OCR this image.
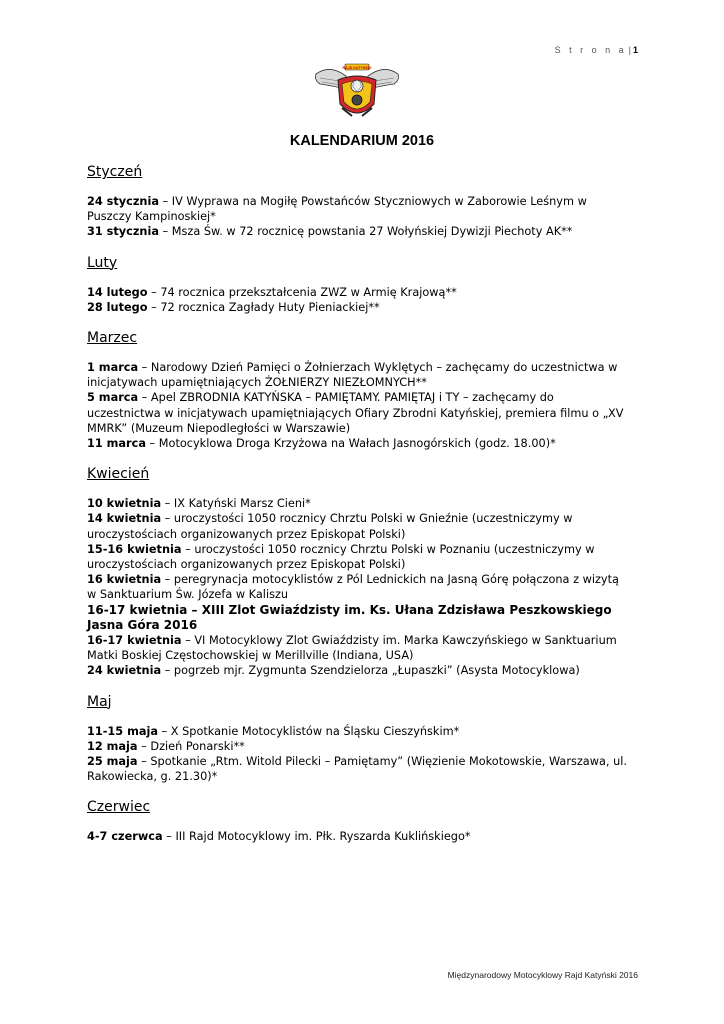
S t r o n a | 1
RAJD KATYŃSKI
KALENDARIUM 2016
Styczeń
24 stycznia – IV Wyprawa na Mogiłę Powstańców Styczniowych w Zaborowie Leśnym w Puszczy Kampinoskiej*
31 stycznia – Msza Św. w 72 rocznicę powstania 27 Wołyńskiej Dywizji Piechoty AK**
Luty
14 lutego – 74 rocznica przekształcenia ZWZ w Armię Krajową**
28 lutego – 72 rocznica Zagłady Huty Pieniackiej**
Marzec
1 marca – Narodowy Dzień Pamięci o Żołnierzach Wyklętych – zachęcamy do uczestnictwa w inicjatywach upamiętniających ŻOŁNIERZY NIEZŁOMNYCH**
5 marca – Apel ZBRODNIA KATYŃSKA – PAMIĘTAMY. PAMIĘTAJ i TY – zachęcamy do uczestnictwa w inicjatywach upamiętniających Ofiary Zbrodni Katyńskiej, premiera filmu o „XV MMRK” (Muzeum Niepodległości w Warszawie)
11 marca – Motocyklowa Droga Krzyżowa na Wałach Jasnogórskich (godz. 18.00)*
Kwiecień
10 kwietnia – IX Katyński Marsz Cieni*
14 kwietnia – uroczystości 1050 rocznicy Chrztu Polski w Gnieźnie (uczestniczymy w uroczystościach organizowanych przez Episkopat Polski)
15-16 kwietnia – uroczystości 1050 rocznicy Chrztu Polski w Poznaniu (uczestniczymy w uroczystościach organizowanych przez Episkopat Polski)
16 kwietnia – peregrynacja motocyklistów z Pól Lednickich na Jasną Górę połączona z wizytą w Sanktuarium Św. Józefa w Kaliszu
16-17 kwietnia – XIII Zlot Gwiaździsty im. Ks. Ułana Zdzisława Peszkowskiego Jasna Góra 2016
16-17 kwietnia – VI Motocyklowy Zlot Gwiaździsty im. Marka Kawczyńskiego w Sanktuarium Matki Boskiej Częstochowskiej w Merillville (Indiana, USA)
24 kwietnia – pogrzeb mjr. Zygmunta Szendzielorza „Łupaszki” (Asysta Motocyklowa)
Maj
11-15 maja – X Spotkanie Motocyklistów na Śląsku Cieszyńskim*
12 maja – Dzień Ponarski**
25 maja – Spotkanie „Rtm. Witold Pilecki – Pamiętamy” (Więzienie Mokotowskie, Warszawa, ul. Rakowiecka, g. 21.30)*
Czerwiec
4-7 czerwca – III Rajd Motocyklowy im. Płk. Ryszarda Kuklińskiego*
Międzynarodowy Motocyklowy Rajd Katyński 2016
